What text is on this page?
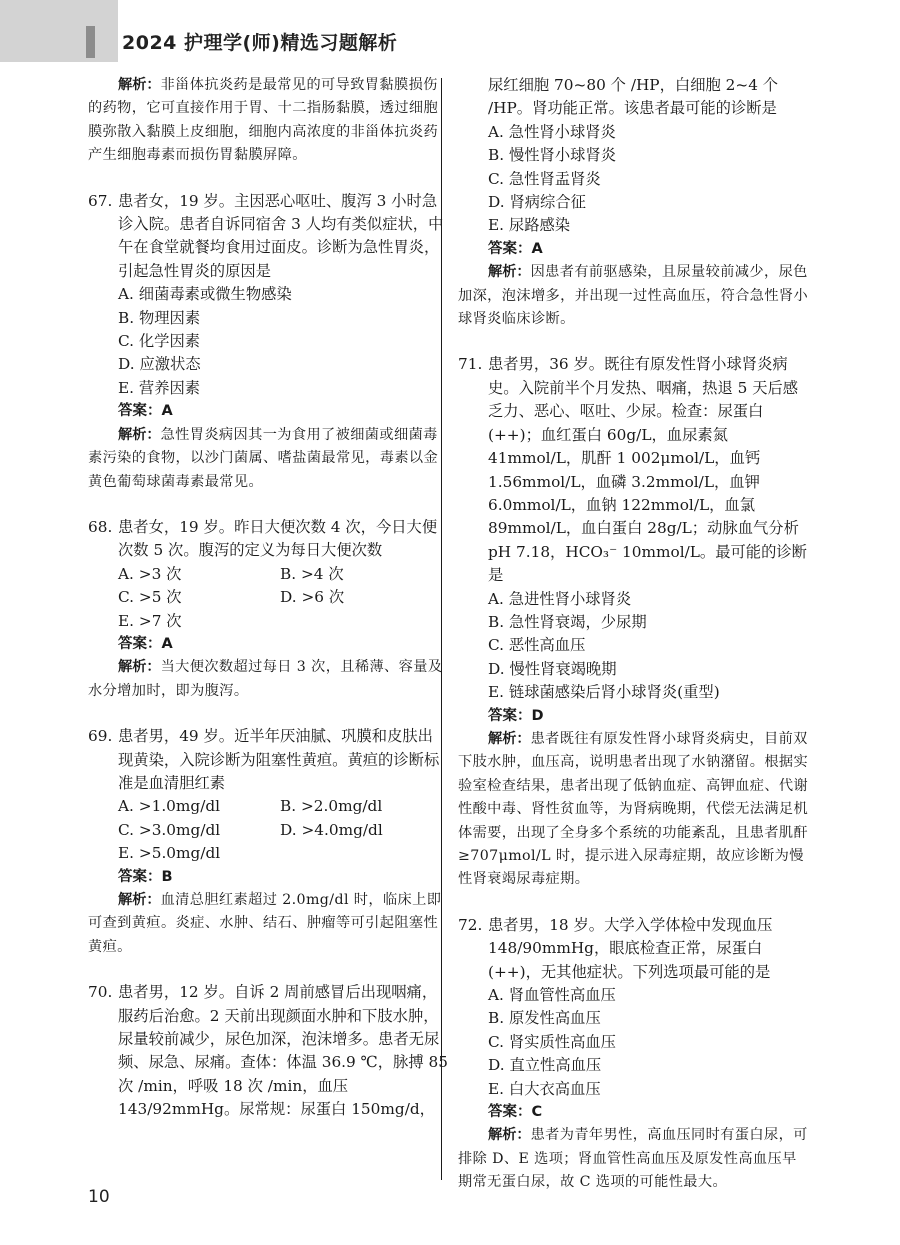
2024 护理学(师)精选习题解析

解析：非甾体抗炎药是最常见的可导致胃黏膜损伤的药物，它可直接作用于胃、十二指肠黏膜，透过细胞膜弥散入黏膜上皮细胞，细胞内高浓度的非甾体抗炎药产生细胞毒素而损伤胃黏膜屏障。

67. 患者女，19 岁。主因恶心呕吐、腹泻 3 小时急诊入院。患者自诉同宿舍 3 人均有类似症状，中午在食堂就餐均食用过面皮。诊断为急性胃炎，引起急性胃炎的原因是

A. 细菌毒素或微生物感染

B. 物理因素

C. 化学因素

D. 应激状态

E. 营养因素

答案：A

解析：急性胃炎病因其一为食用了被细菌或细菌毒素污染的食物，以沙门菌属、嗜盐菌最常见，毒素以金黄色葡萄球菌毒素最常见。

68. 患者女，19 岁。昨日大便次数 4 次，今日大便次数 5 次。腹泻的定义为每日大便次数

A. >3 次	B. >4 次

C. >5 次	D. >6 次

E. >7 次

答案：A

解析：当大便次数超过每日 3 次，且稀薄、容量及水分增加时，即为腹泻。

69. 患者男，49 岁。近半年厌油腻、巩膜和皮肤出现黄染，入院诊断为阻塞性黄疸。黄疸的诊断标准是血清胆红素

A. >1.0mg/dl	B. >2.0mg/dl

C. >3.0mg/dl	D. >4.0mg/dl

E. >5.0mg/dl

答案：B

解析：血清总胆红素超过 2.0mg/dl 时，临床上即可查到黄疸。炎症、水肿、结石、肿瘤等可引起阻塞性黄疸。

70. 患者男，12 岁。自诉 2 周前感冒后出现咽痛，服药后治愈。2 天前出现颜面水肿和下肢水肿，尿量较前减少，尿色加深，泡沫增多。患者无尿频、尿急、尿痛。查体：体温 36.9 ℃，脉搏 85 次 /min，呼吸 18 次 /min，血压 143/92mmHg。尿常规：尿蛋白 150mg/d，

尿红细胞 70~80 个 /HP，白细胞 2~4 个 /HP。肾功能正常。该患者最可能的诊断是

A. 急性肾小球肾炎

B. 慢性肾小球肾炎

C. 急性肾盂肾炎

D. 肾病综合征

E. 尿路感染

答案：A

解析：因患者有前驱感染，且尿量较前减少，尿色加深，泡沫增多，并出现一过性高血压，符合急性肾小球肾炎临床诊断。

71. 患者男，36 岁。既往有原发性肾小球肾炎病史。入院前半个月发热、咽痛，热退 5 天后感乏力、恶心、呕吐、少尿。检查：尿蛋白(++)；血红蛋白 60g/L，血尿素氮 41mmol/L，肌酐 1 002μmol/L，血钙 1.56mmol/L，血磷 3.2mmol/L，血钾 6.0mmol/L，血钠 122mmol/L，血氯 89mmol/L，血白蛋白 28g/L；动脉血气分析 pH 7.18，HCO₃⁻ 10mmol/L。最可能的诊断是

A. 急进性肾小球肾炎

B. 急性肾衰竭，少尿期

C. 恶性高血压

D. 慢性肾衰竭晚期

E. 链球菌感染后肾小球肾炎(重型)

答案：D

解析：患者既往有原发性肾小球肾炎病史，目前双下肢水肿，血压高，说明患者出现了水钠潴留。根据实验室检查结果，患者出现了低钠血症、高钾血症、代谢性酸中毒、肾性贫血等，为肾病晚期，代偿无法满足机体需要，出现了全身多个系统的功能紊乱，且患者肌酐≥707μmol/L 时，提示进入尿毒症期，故应诊断为慢性肾衰竭尿毒症期。

72. 患者男，18 岁。大学入学体检中发现血压 148/90mmHg，眼底检查正常，尿蛋白(++)，无其他症状。下列选项最可能的是

A. 肾血管性高血压

B. 原发性高血压

C. 肾实质性高血压

D. 直立性高血压

E. 白大衣高血压

答案：C

解析：患者为青年男性，高血压同时有蛋白尿，可排除 D、E 选项；肾血管性高血压及原发性高血压早期常无蛋白尿，故 C 选项的可能性最大。

10
